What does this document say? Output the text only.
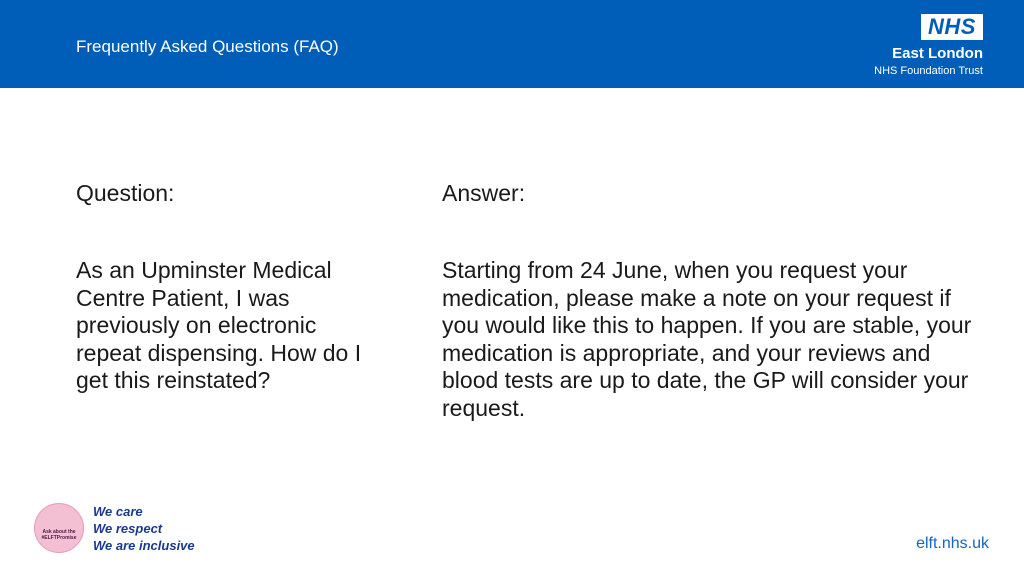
Frequently Asked Questions (FAQ)
NHS
East London
NHS Foundation Trust
Question:	Answer:
As an Upminster Medical Centre Patient, I was previously on electronic repeat dispensing. How do I get this reinstated?
Starting from 24 June, when you request your medication, please make a note on your request if you would like this to happen. If you are stable, your medication is appropriate, and your reviews and blood tests are up to date, the GP will consider your request.
Ask about the
#ELFTPromise
We care
We respect
We are inclusive	elft.nhs.uk
